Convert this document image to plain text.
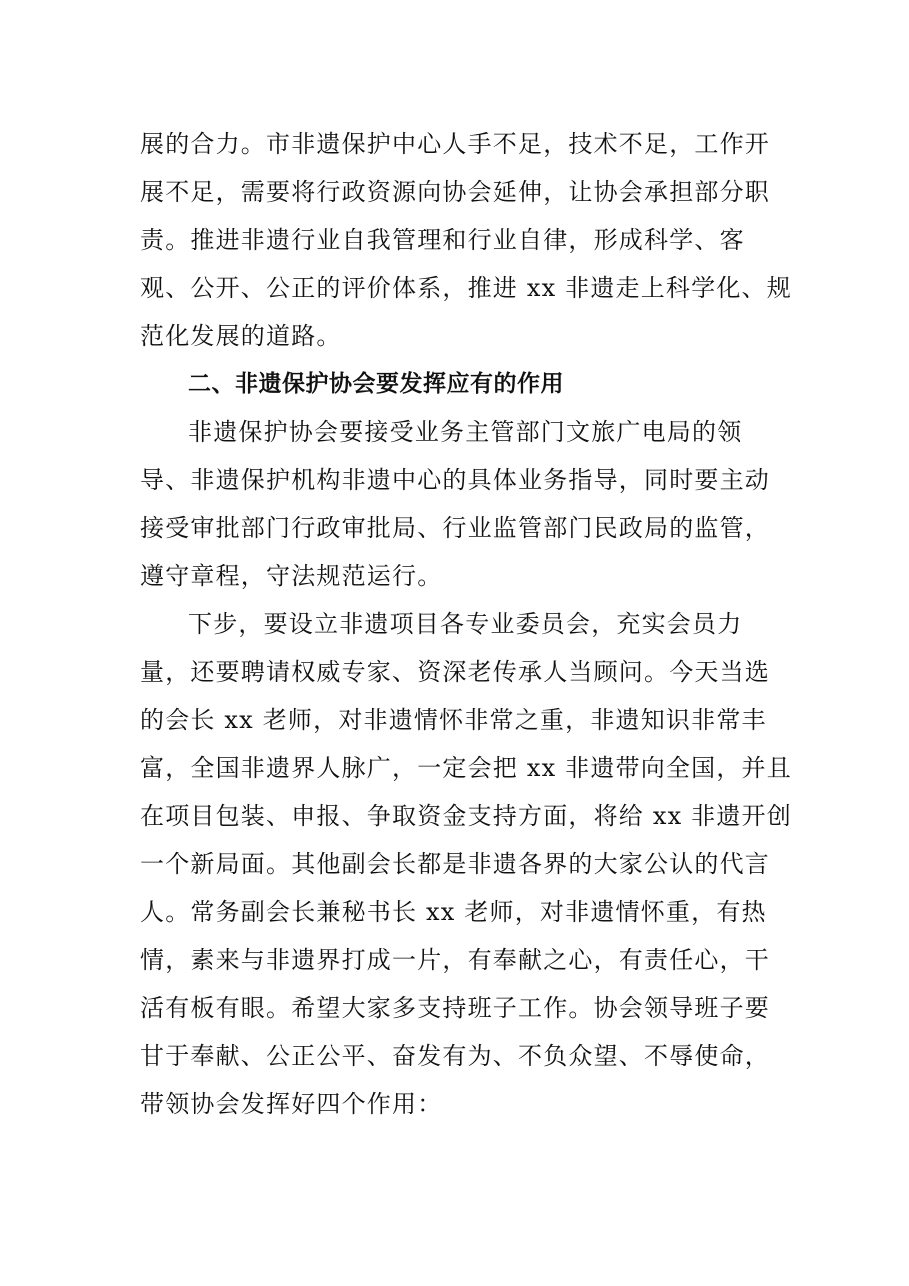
展的合力。市非遗保护中心人手不足，技术不足，工作开
展不足，需要将行政资源向协会延伸，让协会承担部分职
责。推进非遗行业自我管理和行业自律，形成科学、客
观、公开、公正的评价体系，推进 xx 非遗走上科学化、规
范化发展的道路。
二、非遗保护协会要发挥应有的作用
非遗保护协会要接受业务主管部门文旅广电局的领
导、非遗保护机构非遗中心的具体业务指导，同时要主动
接受审批部门行政审批局、行业监管部门民政局的监管，
遵守章程，守法规范运行。
下步，要设立非遗项目各专业委员会，充实会员力
量，还要聘请权威专家、资深老传承人当顾问。今天当选
的会长 xx 老师，对非遗情怀非常之重，非遗知识非常丰
富，全国非遗界人脉广，一定会把 xx 非遗带向全国，并且
在项目包装、申报、争取资金支持方面，将给 xx 非遗开创
一个新局面。其他副会长都是非遗各界的大家公认的代言
人。常务副会长兼秘书长 xx 老师，对非遗情怀重，有热
情，素来与非遗界打成一片，有奉献之心，有责任心，干
活有板有眼。希望大家多支持班子工作。协会领导班子要
甘于奉献、公正公平、奋发有为、不负众望、不辱使命，
带领协会发挥好四个作用：
